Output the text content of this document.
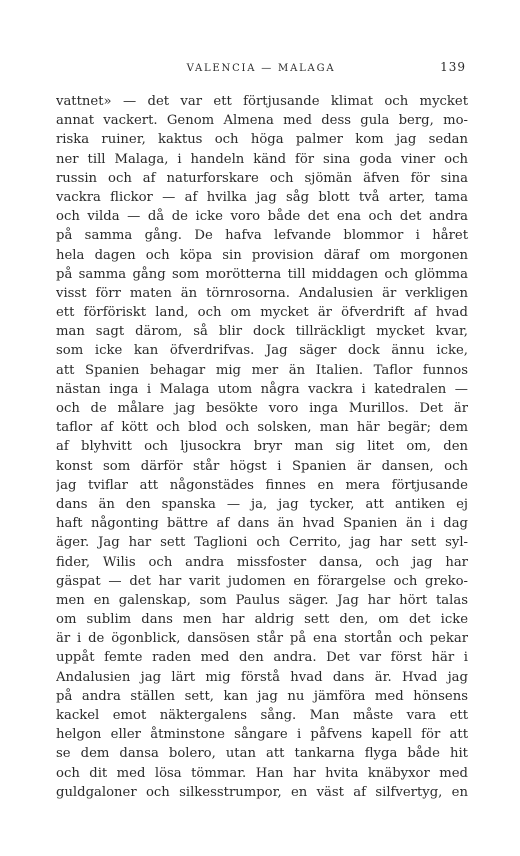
VALENCIA — MALAGA	139
vattnet» — det var ett förtjusande klimat och mycket
annat vackert. Genom Almena med dess gula berg, mo-
riska ruiner, kaktus och höga palmer kom jag sedan
ner till Malaga, i handeln känd för sina goda viner och
russin och af naturforskare och sjömän äfven för sina
vackra flickor — af hvilka jag såg blott två arter, tama
och vilda — då de icke voro både det ena och det andra
på samma gång. De hafva lefvande blommor i håret
hela dagen och köpa sin provision däraf om morgonen
på samma gång som morötterna till middagen och glömma
visst förr maten än törnrosorna. Andalusien är verkligen
ett förföriskt land, och om mycket är öfverdrift af hvad
man sagt därom, så blir dock tillräckligt mycket kvar,
som icke kan öfverdrifvas. Jag säger dock ännu icke,
att Spanien behagar mig mer än Italien. Taflor funnos
nästan inga i Malaga utom några vackra i katedralen —
och de målare jag besökte voro inga Murillos. Det är
taflor af kött och blod och solsken, man här begär; dem
af blyhvitt och ljusockra bryr man sig litet om, den
konst som därför står högst i Spanien är dansen, och
jag tviflar att någonstädes finnes en mera förtjusande
dans än den spanska — ja, jag tycker, att antiken ej
haft någonting bättre af dans än hvad Spanien än i dag
äger. Jag har sett Taglioni och Cerrito, jag har sett syl-
fider, Wilis och andra missfoster dansa, och jag har
gäspat — det har varit judomen en förargelse och greko-
men en galenskap, som Paulus säger. Jag har hört talas
om sublim dans men har aldrig sett den, om det icke
är i de ögonblick, dansösen står på ena stortån och pekar
uppåt femte raden med den andra. Det var först här i
Andalusien jag lärt mig förstå hvad dans är. Hvad jag
på andra ställen sett, kan jag nu jämföra med hönsens
kackel emot näktergalens sång. Man måste vara ett
helgon eller åtminstone sångare i påfvens kapell för att
se dem dansa bolero, utan att tankarna flyga både hit
och dit med lösa tömmar. Han har hvita knäbyxor med
guldgaloner och silkesstrumpor, en väst af silfvertyg, en
